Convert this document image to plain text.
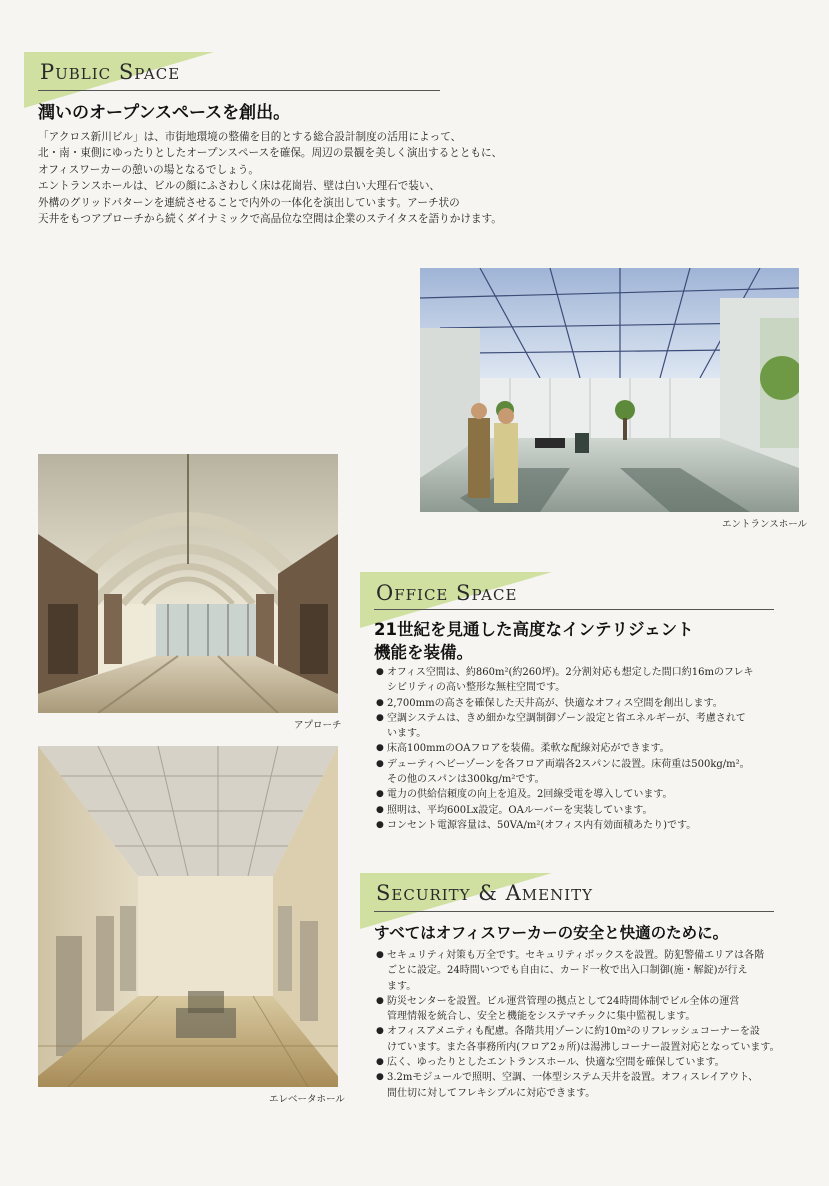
Public Space
潤いのオープンスペースを創出。
「アクロス新川ビル」は、市街地環境の整備を目的とする総合設計制度の活用によって、
北・南・東側にゆったりとしたオープンスペースを確保。周辺の景観を美しく演出するとともに、
オフィスワーカーの憩いの場となるでしょう。
エントランスホールは、ビルの顔にふさわしく床は花崗岩、壁は白い大理石で装い、
外構のグリッドパターンを連続させることで内外の一体化を演出しています。アーチ状の
天井をもつアプローチから続くダイナミックで高品位な空間は企業のステイタスを語りかけます。
エントランスホール
アプローチ
Office Space
21世紀を見通した高度なインテリジェント
機能を装備。
● オフィス空間は、約860m²(約260坪)。2分割対応も想定した間口約16mのフレキ
シビリティの高い整形な無柱空間です。
● 2,700mmの高さを確保した天井高が、快適なオフィス空間を創出します。
● 空調システムは、きめ細かな空調制御ゾーン設定と省エネルギーが、考慮されて
います。
● 床高100mmのOAフロアを装備。柔軟な配線対応ができます。
● デューティヘビーゾーンを各フロア両端各2スパンに設置。床荷重は500kg/m²。
その他のスパンは300kg/m²です。
● 電力の供給信頼度の向上を追及。2回線受電を導入しています。
● 照明は、平均600Lx設定。OAルーバーを実装しています。
● コンセント電源容量は、50VA/m²(オフィス内有効面積あたり)です。
エレベータホール
Security & Amenity
すべてはオフィスワーカーの安全と快適のために。
● セキュリティ対策も万全です。セキュリティボックスを設置。防犯警備エリアは各階
ごとに設定。24時間いつでも自由に、カード一枚で出入口制御(施・解錠)が行え
ます。
● 防災センターを設置。ビル運営管理の拠点として24時間体制でビル全体の運営
管理情報を統合し、安全と機能をシステマチックに集中監視します。
● オフィスアメニティも配慮。各階共用ゾーンに約10m²のリフレッシュコーナーを設
けています。また各事務所内(フロア2ヵ所)は湯沸しコーナー設置対応となっています。
● 広く、ゆったりとしたエントランスホール、快適な空間を確保しています。
● 3.2mモジュールで照明、空調、一体型システム天井を設置。オフィスレイアウト、
間仕切に対してフレキシブルに対応できます。
